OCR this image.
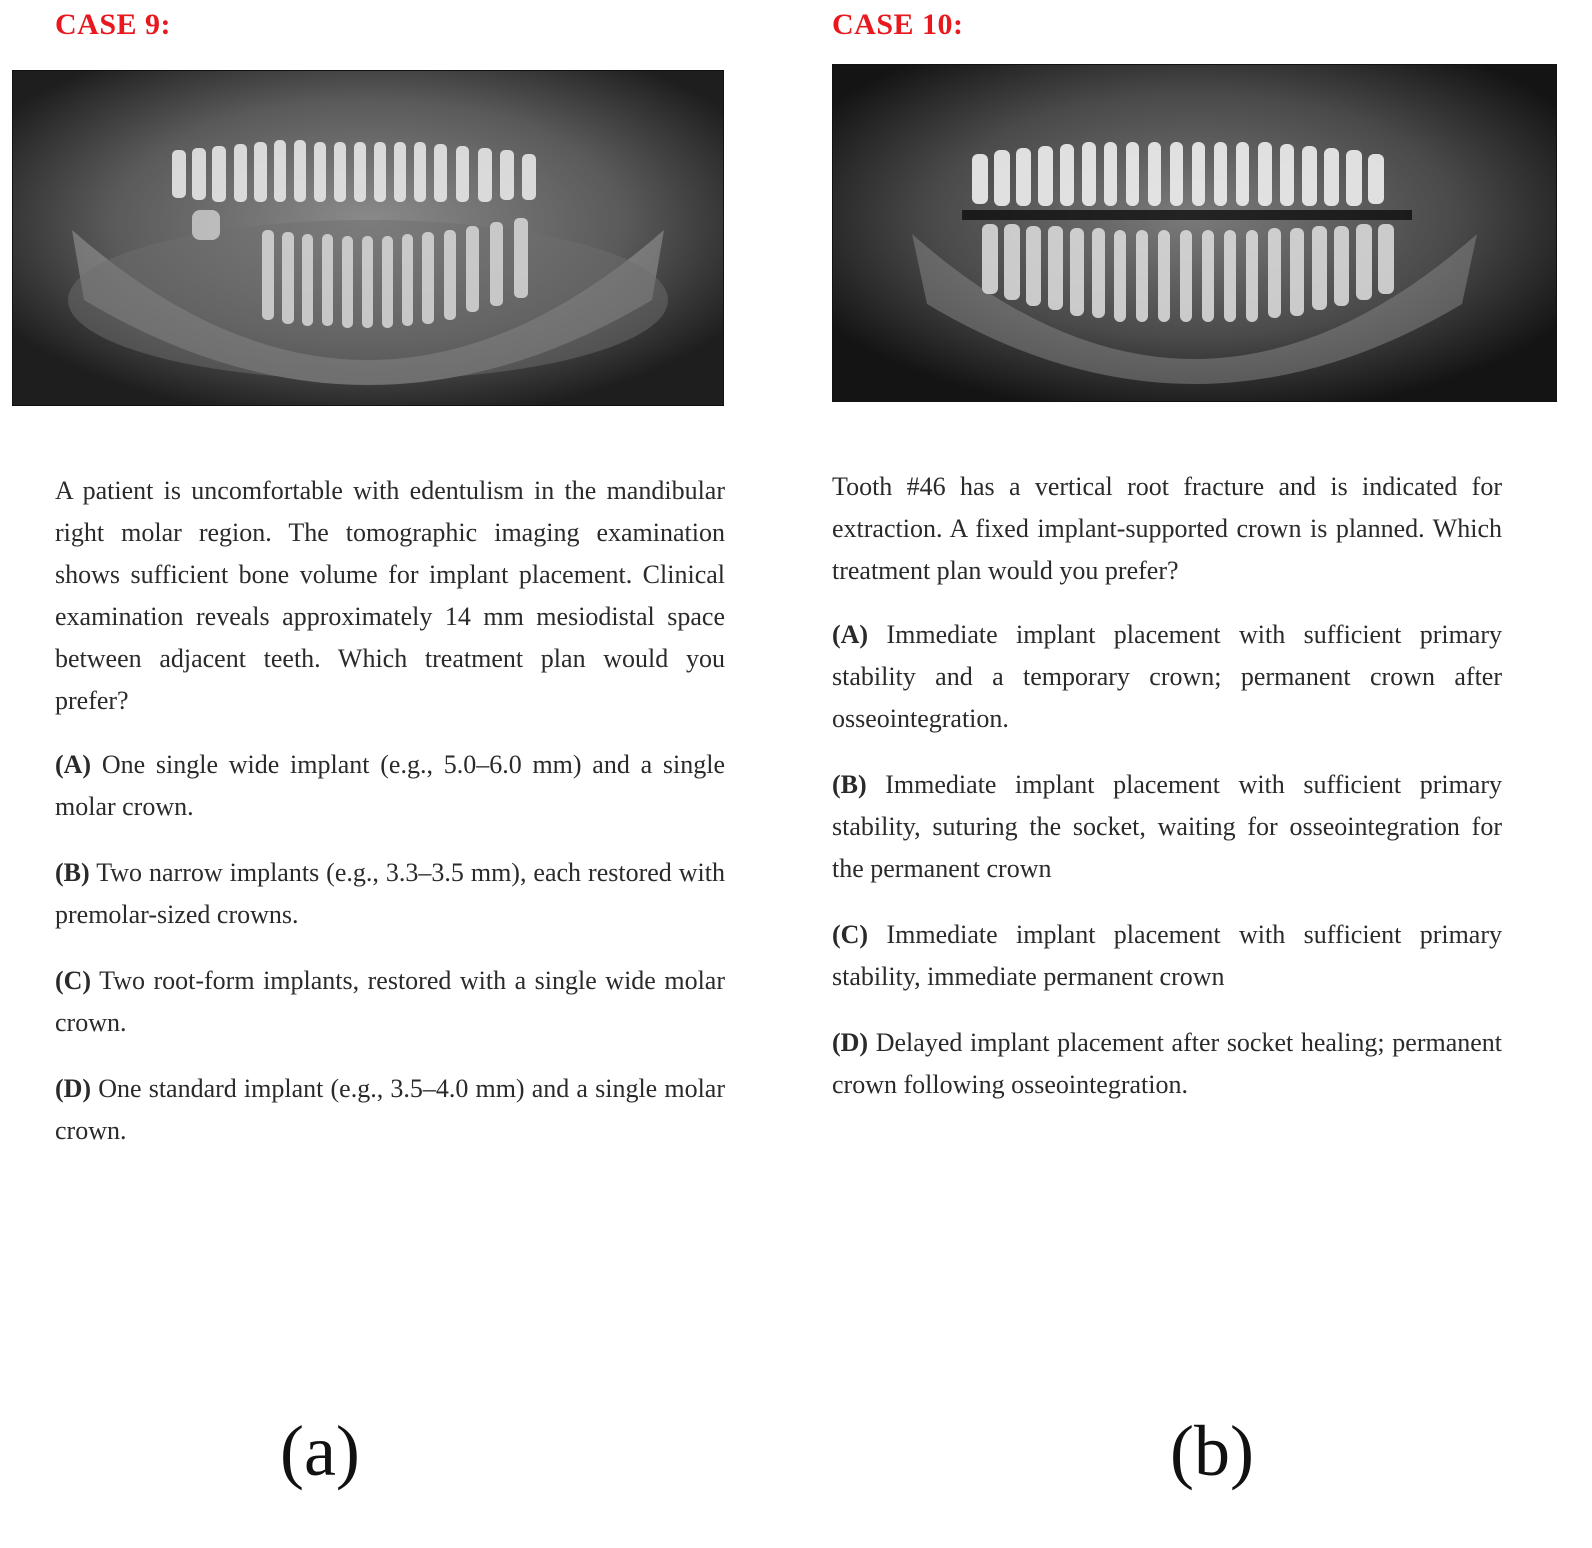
CASE 9:

A patient is uncomfortable with edentulism in the mandibular right molar region. The tomographic imaging examination shows sufficient bone volume for implant placement. Clinical examination reveals approximately 14 mm mesiodistal space between adjacent teeth. Which treatment plan would you prefer?

(A) One single wide implant (e.g., 5.0–6.0 mm) and a single molar crown.

(B) Two narrow implants (e.g., 3.3–3.5 mm), each restored with premolar-sized crowns.

(C) Two root-form implants, restored with a single wide molar crown.

(D) One standard implant (e.g., 3.5–4.0 mm) and a single molar crown.

(a)
CASE 10:

Tooth #46 has a vertical root fracture and is indicated for extraction. A fixed implant-supported crown is planned. Which treatment plan would you prefer?

(A) Immediate implant placement with sufficient primary stability and a temporary crown; permanent crown after osseointegration.

(B) Immediate implant placement with sufficient primary stability, suturing the socket, waiting for osseointegration for the permanent crown

(C) Immediate implant placement with sufficient primary stability, immediate permanent crown

(D) Delayed implant placement after socket healing; permanent crown following osseointegration.

(b)
